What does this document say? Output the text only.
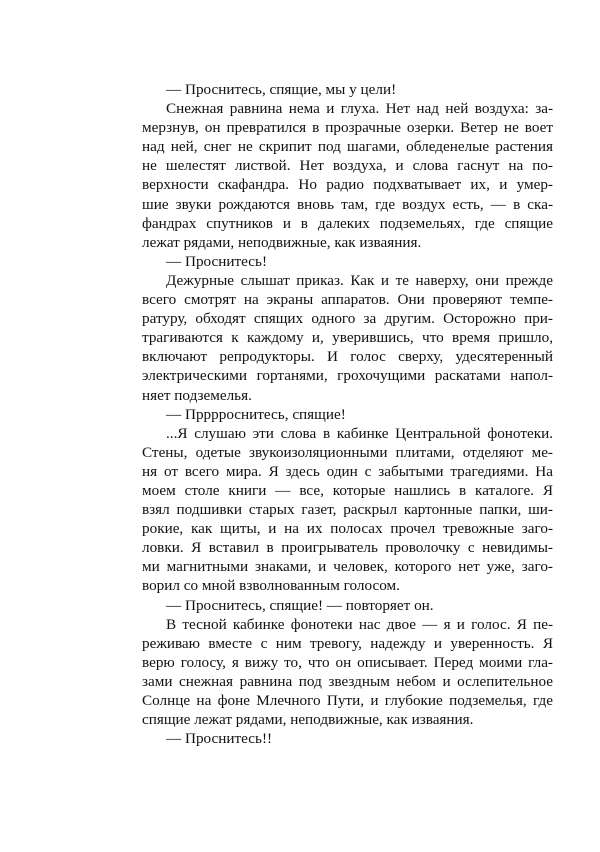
— Проснитесь, спящие, мы у цели!
Снежная равнина нема и глуха. Нет над ней воздуха: за-
мерзнув, он превратился в прозрачные озерки. Ветер не воет
над ней, снег не скрипит под шагами, обледенелые растения
не шелестят листвой. Нет воздуха, и слова гаснут на по-
верхности скафандра. Но радио подхватывает их, и умер-
шие звуки рождаются вновь там, где воздух есть, — в ска-
фандрах спутников и в далеких подземельях, где спящие
лежат рядами, неподвижные, как изваяния.
— Проснитесь!
Дежурные слышат приказ. Как и те наверху, они прежде
всего смотрят на экраны аппаратов. Они проверяют темпе-
ратуру, обходят спящих одного за другим. Осторожно при-
трагиваются к каждому и, уверившись, что время пришло,
включают репродукторы. И голос сверху, удесятеренный
электрическими гортанями, грохочущими раскатами напол-
няет подземелья.
— Прррроснитесь, спящие!
...Я слушаю эти слова в кабинке Центральной фонотеки.
Стены, одетые звукоизоляционными плитами, отделяют ме-
ня от всего мира. Я здесь один с забытыми трагедиями. На
моем столе книги — все, которые нашлись в каталоге. Я
взял подшивки старых газет, раскрыл картонные папки, ши-
рокие, как щиты, и на их полосах прочел тревожные заго-
ловки. Я вставил в проигрыватель проволочку с невидимы-
ми магнитными знаками, и человек, которого нет уже, заго-
ворил со мной взволнованным голосом.
— Проснитесь, спящие! — повторяет он.
В тесной кабинке фонотеки нас двое — я и голос. Я пе-
реживаю вместе с ним тревогу, надежду и уверенность. Я
верю голосу, я вижу то, что он описывает. Перед моими гла-
зами снежная равнина под звездным небом и ослепительное
Солнце на фоне Млечного Пути, и глубокие подземелья, где
спящие лежат рядами, неподвижные, как изваяния.
— Проснитесь!!
